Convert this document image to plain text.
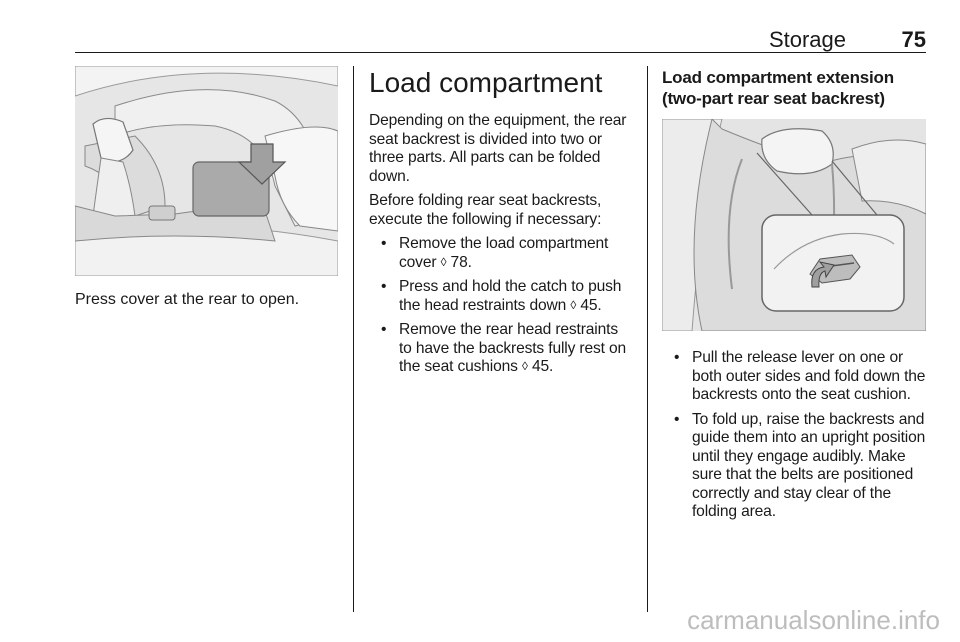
Storage	75
Press cover at the rear to open.
Load compartment

Depending on the equipment, the rear seat backrest is divided into two or three parts. All parts can be folded down.

Before folding rear seat backrests, execute the following if necessary:

• Remove the load compartment cover ◊ 78.
• Press and hold the catch to push the head restraints down ◊ 45.
• Remove the rear head restraints to have the backrests fully rest on the seat cushions ◊ 45.
Load compartment extension (two-part rear seat backrest)
• Pull the release lever on one or both outer sides and fold down the backrests onto the seat cushion.
• To fold up, raise the backrests and guide them into an upright position until they engage audibly. Make sure that the belts are positioned correctly and stay clear of the folding area.
carmanualsonline.info
